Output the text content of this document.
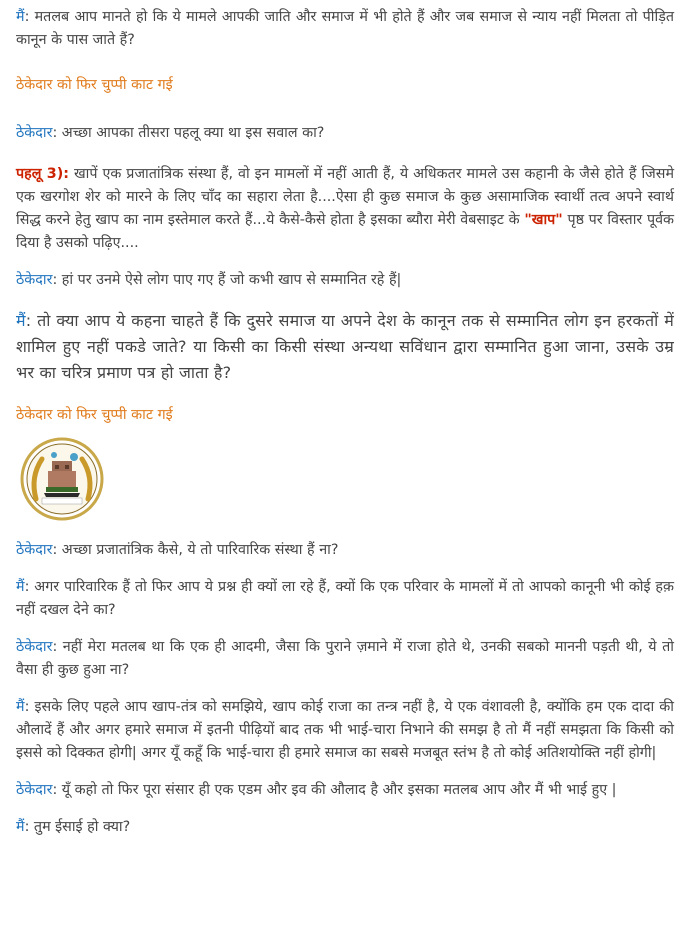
मैं: मतलब आप मानते हो कि ये मामले आपकी जाति और समाज में भी होते हैं और जब समाज से न्याय नहीं मिलता तो पीड़ित कानून के पास जाते हैं?

ठेकेदार को फिर चुप्पी काट गई

ठेकेदार: अच्छा आपका तीसरा पहलू क्या था इस सवाल का?

पहलू 3): खापें एक प्रजातांत्रिक संस्था हैं, वो इन मामलों में नहीं आती हैं, ये अधिकतर मामले उस कहानी के जैसे होते हैं जिसमे एक खरगोश शेर को मारने के लिए चाँद का सहारा लेता है....ऐसा ही कुछ समाज के कुछ असामाजिक स्वार्थी तत्व अपने स्वार्थ सिद्ध करने हेतु खाप का नाम इस्तेमाल करते हैं...ये कैसे-कैसे होता है इसका ब्यौरा मेरी वेबसाइट के "खाप" पृष्ठ पर विस्तार पूर्वक दिया है उसको पढ़िए....

ठेकेदार: हां पर उनमे ऐसे लोग पाए गए हैं जो कभी खाप से सम्मानित रहे हैं|

मैं: तो क्या आप ये कहना चाहते हैं कि दुसरे समाज या अपने देश के कानून तक से सम्मानित लोग इन हरकतों में शामिल हुए नहीं पकडे जाते? या किसी का किसी संस्था अन्यथा सविंधान द्वारा सम्मानित हुआ जाना, उसके उम्र भर का चरित्र प्रमाण पत्र हो जाता है?

ठेकेदार को फिर चुप्पी काट गई

ठेकेदार: अच्छा प्रजातांत्रिक कैसे, ये तो पारिवारिक संस्था हैं ना?

मैं: अगर पारिवारिक हैं तो फिर आप ये प्रश्न ही क्यों ला रहे हैं, क्यों कि एक परिवार के मामलों में तो आपको कानूनी भी कोई हक़ नहीं दखल देने का?

ठेकेदार: नहीं मेरा मतलब था कि एक ही आदमी, जैसा कि पुराने ज़माने में राजा होते थे, उनकी सबको माननी पड़ती थी, ये तो वैसा ही कुछ हुआ ना?

मैं: इसके लिए पहले आप खाप-तंत्र को समझिये, खाप कोई राजा का तन्त्र नहीं है, ये एक वंशावली है, क्योंकि हम एक दादा की औलादें हैं और अगर हमारे समाज में इतनी पीढ़ियों बाद तक भी भाई-चारा निभाने की समझ है तो मैं नहीं समझता कि किसी को इससे को दिक्कत होगी| अगर यूँ कहूँ कि भाई-चारा ही हमारे समाज का सबसे मजबूत स्तंभ है तो कोई अतिशयोक्ति नहीं होगी|

ठेकेदार: यूँ कहो तो फिर पूरा संसार ही एक एडम और इव की औलाद है और इसका मतलब आप और मैं भी भाई हुए |

मैं: तुम ईसाई हो क्या?
